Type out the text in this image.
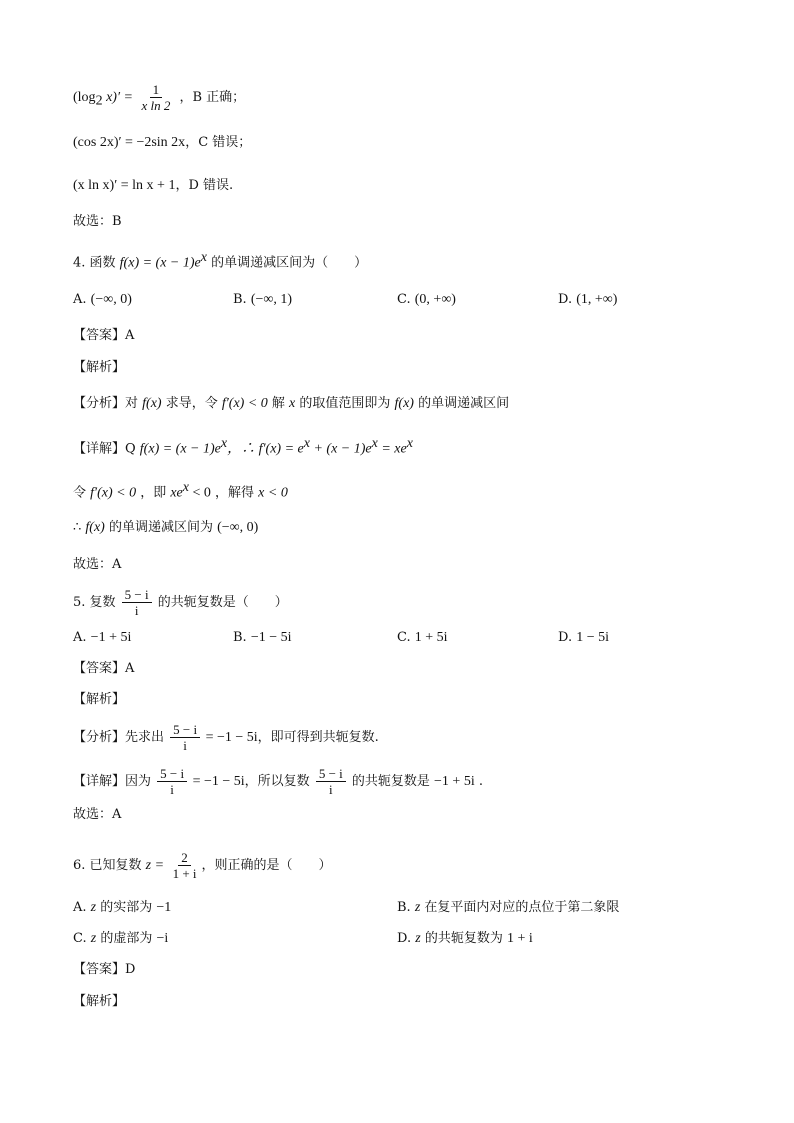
($\log_2$ $x)' = \frac{1}{\text{x ln 2}}$ ，B 正确；
(cos 2x)′ = −2sin 2x，C 错误；
(x ln x)′ = ln x + 1，D 错误.
故选：B
4. 函数 $f(x) = (x - 1)e^x$ 的单调递减区间为（　　）
A. (−∞, 0)	B. (−∞, 1)	C. (0, +∞)	D. (1, +∞)
【答案】A
【解析】
【分析】对 f(x) 求导，令 f′(x) < 0 解 x 的取值范围即为 f(x) 的单调递减区间
【详解】Q $f(x) = (x - 1)e^x$，∴ $f'(x) = e^x + (x - 1)e^x = xe^x$
令 f′(x) < 0 ，即 $xe^x < 0$ ，解得 x < 0
∴ f(x) 的单调递减区间为 (−∞, 0)
故选：A
5. 复数 $\frac{5 - i}{i}$ 的共轭复数是（　　）
A. −1 + 5i	B. −1 − 5i	C. 1 + 5i	D. 1 − 5i
【答案】A
【解析】
【分析】先求出 $\frac{5 - i}{i} = -1 - 5i$，即可得到共轭复数.
【详解】因为 $\frac{5 - i}{i} = -1 - 5i$，所以复数 $\frac{5 - i}{i}$ 的共轭复数是 −1 + 5i .
故选：A
6. 已知复数 $z = \frac{2}{1 + i}$ ，则正确的是（　　）
A. z 的实部为 −1	B. z 在复平面内对应的点位于第二象限
C. z 的虚部为 −i	D. z 的共轭复数为 1 + i
【答案】D
【解析】
